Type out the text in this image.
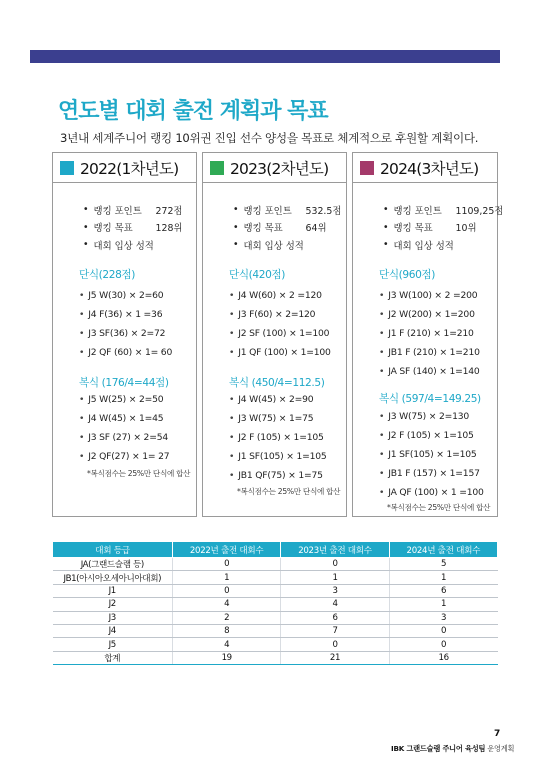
연도별 대회 출전 계획과 목표

3년내 세계주니어 랭킹 10위권 진입 선수 양성을 목표로 체계적으로 후원할 계획이다.

2022(1차년도)
• 랭킹 포인트	272점
• 랭킹 목표	128위
• 대회 입상 성적
단식(228점)
• J5 W(30) × 2=60
• J4 F(36) × 1 =36
• J3 SF(36) × 2=72
• J2 QF (60) × 1= 60
복식 (176/4=44점)
• J5 W(25) × 2=50
• J4 W(45) × 1=45
• J3 SF (27) × 2=54
• J2 QF(27) × 1= 27
*복식점수는 25%만 단식에 합산
2023(2차년도)
• 랭킹 포인트	532.5점
• 랭킹 목표	64위
• 대회 입상 성적
단식(420점)
• J4 W(60) × 2 =120
• J3 F(60) × 2=120
• J2 SF (100) × 1=100
• J1 QF (100) × 1=100
복식 (450/4=112.5)
• J4 W(45) × 2=90
• J3 W(75) × 1=75
• J2 F (105) × 1=105
• J1 SF(105) × 1=105
• JB1 QF(75) × 1=75
*복식점수는 25%만 단식에 합산
2024(3차년도)
• 랭킹 포인트	1109,25점
• 랭킹 목표	10위
• 대회 입상 성적
단식(960점)
• J3 W(100) × 2 =200
• J2 W(200) × 1=200
• J1 F (210) × 1=210
• JB1 F (210) × 1=210
• JA SF (140) × 1=140
복식 (597/4=149.25)
• J3 W(75) × 2=130
• J2 F (105) × 1=105
• J1 SF(105) × 1=105
• JB1 F (157) × 1=157
• JA QF (100) × 1 =100
*복식점수는 25%만 단식에 합산
대회 등급	2022년 출전 대회수	2023년 출전 대회수	2024년 출전 대회수
JA(그랜드슬램 등)	0	0	5
JB1(아시아오세아니아대회)	1	1	1
J1	0	3	6
J2	4	4	1
J3	2	6	3
J4	8	7	0
J5	4	0	0
합계	19	21	16
7
IBK 그랜드슬램 주니어 육성팀 운영계획
